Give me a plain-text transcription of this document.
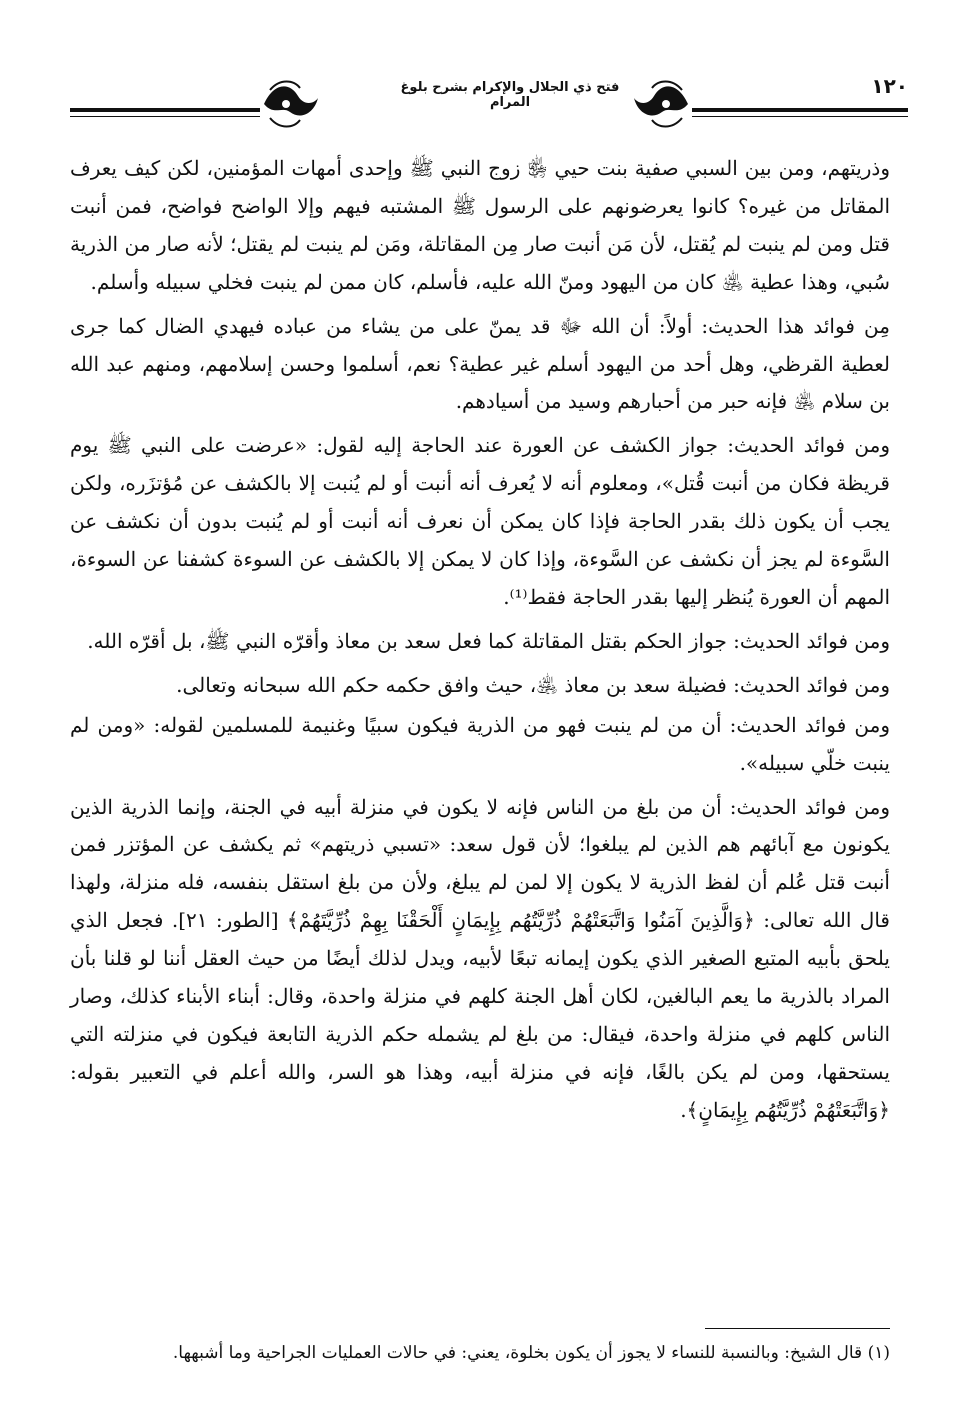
فتح ذي الجلال والإكرام بشرح بلوغ المرام
١٢٠

وذريتهم، ومن بين السبي صفية بنت حيي ﵂ زوج النبي ﷺ وإحدى أمهات المؤمنين، لكن كيف يعرف المقاتل من غيره؟ كانوا يعرضونهم على الرسول ﷺ المشتبه فيهم وإلا الواضح فواضح، فمن أنبت قتل ومن لم ينبت لم يُقتل، لأن مَن أنبت صار مِن المقاتلة، ومَن لم ينبت لم يقتل؛ لأنه صار من الذرية سُبي، وهذا عطية ﵁ كان من اليهود ومنّ الله عليه، فأسلم، كان ممن لم ينبت فخلي سبيله وأسلم.

مِن فوائد هذا الحديث: أولاً: أن الله ﷻ قد يمنّ على من يشاء من عباده فيهدي الضال كما جرى لعطية القرظي، وهل أحد من اليهود أسلم غير عطية؟ نعم، أسلموا وحسن إسلامهم، ومنهم عبد الله بن سلام ﵁ فإنه حبر من أحبارهم وسيد من أسيادهم.

ومن فوائد الحديث: جواز الكشف عن العورة عند الحاجة إليه لقول: «عرضت على النبي ﷺ يوم قريظة فكان من أنبت قُتل»، ومعلوم أنه لا يُعرف أنه أنبت أو لم يُنبت إلا بالكشف عن مُؤتزَره، ولكن يجب أن يكون ذلك بقدر الحاجة فإذا كان يمكن أن نعرف أنه أنبت أو لم يُنبت بدون أن نكشف عن السَّوءة لم يجز أن نكشف عن السَّوءة، وإذا كان لا يمكن إلا بالكشف عن السوءة كشفنا عن السوءة، المهم أن العورة يُنظر إليها بقدر الحاجة فقط⁽¹⁾.

ومن فوائد الحديث: جواز الحكم بقتل المقاتلة كما فعل سعد بن معاذ وأقرّه النبي ﷺ، بل أقرّه الله.

ومن فوائد الحديث: فضيلة سعد بن معاذ ﵁، حيث وافق حكمه حكم الله سبحانه وتعالى.

ومن فوائد الحديث: أن من لم ينبت فهو من الذرية فيكون سبيًا وغنيمة للمسلمين لقوله: «ومن لم ينبت خلّي سبيله».

ومن فوائد الحديث: أن من بلغ من الناس فإنه لا يكون في منزلة أبيه في الجنة، وإنما الذرية الذين يكونون مع آبائهم هم الذين لم يبلغوا؛ لأن قول سعد: «تسبي ذريتهم» ثم يكشف عن المؤتزر فمن أنبت قتل عُلم أن لفظ الذرية لا يكون إلا لمن لم يبلغ، ولأن من بلغ استقل بنفسه، فله منزلة، ولهذا قال الله تعالى: ﴿وَالَّذِينَ آمَنُوا وَاتَّبَعَتْهُمْ ذُرِّيَّتُهُم بِإِيمَانٍ أَلْحَقْنَا بِهِمْ ذُرِّيَّتَهُمْ﴾ [الطور: ٢١]. فجعل الذي يلحق بأبيه المتبع الصغير الذي يكون إيمانه تبعًا لأبيه، ويدل لذلك أيضًا من حيث العقل أننا لو قلنا بأن المراد بالذرية ما يعم البالغين، لكان أهل الجنة كلهم في منزلة واحدة، وقال: أبناء الأبناء كذلك، وصار الناس كلهم في منزلة واحدة، فيقال: من بلغ لم يشمله حكم الذرية التابعة فيكون في منزلته التي يستحقها، ومن لم يكن بالغًا، فإنه في منزلة أبيه، وهذا هو السر، والله أعلم في التعبير بقوله: ﴿وَاتَّبَعَتْهُمْ ذُرِّيَّتُهُم بِإِيمَانٍ﴾.

(١) قال الشيخ: وبالنسبة للنساء لا يجوز أن يكون بخلوة، يعني: في حالات العمليات الجراحية وما أشبهها.
